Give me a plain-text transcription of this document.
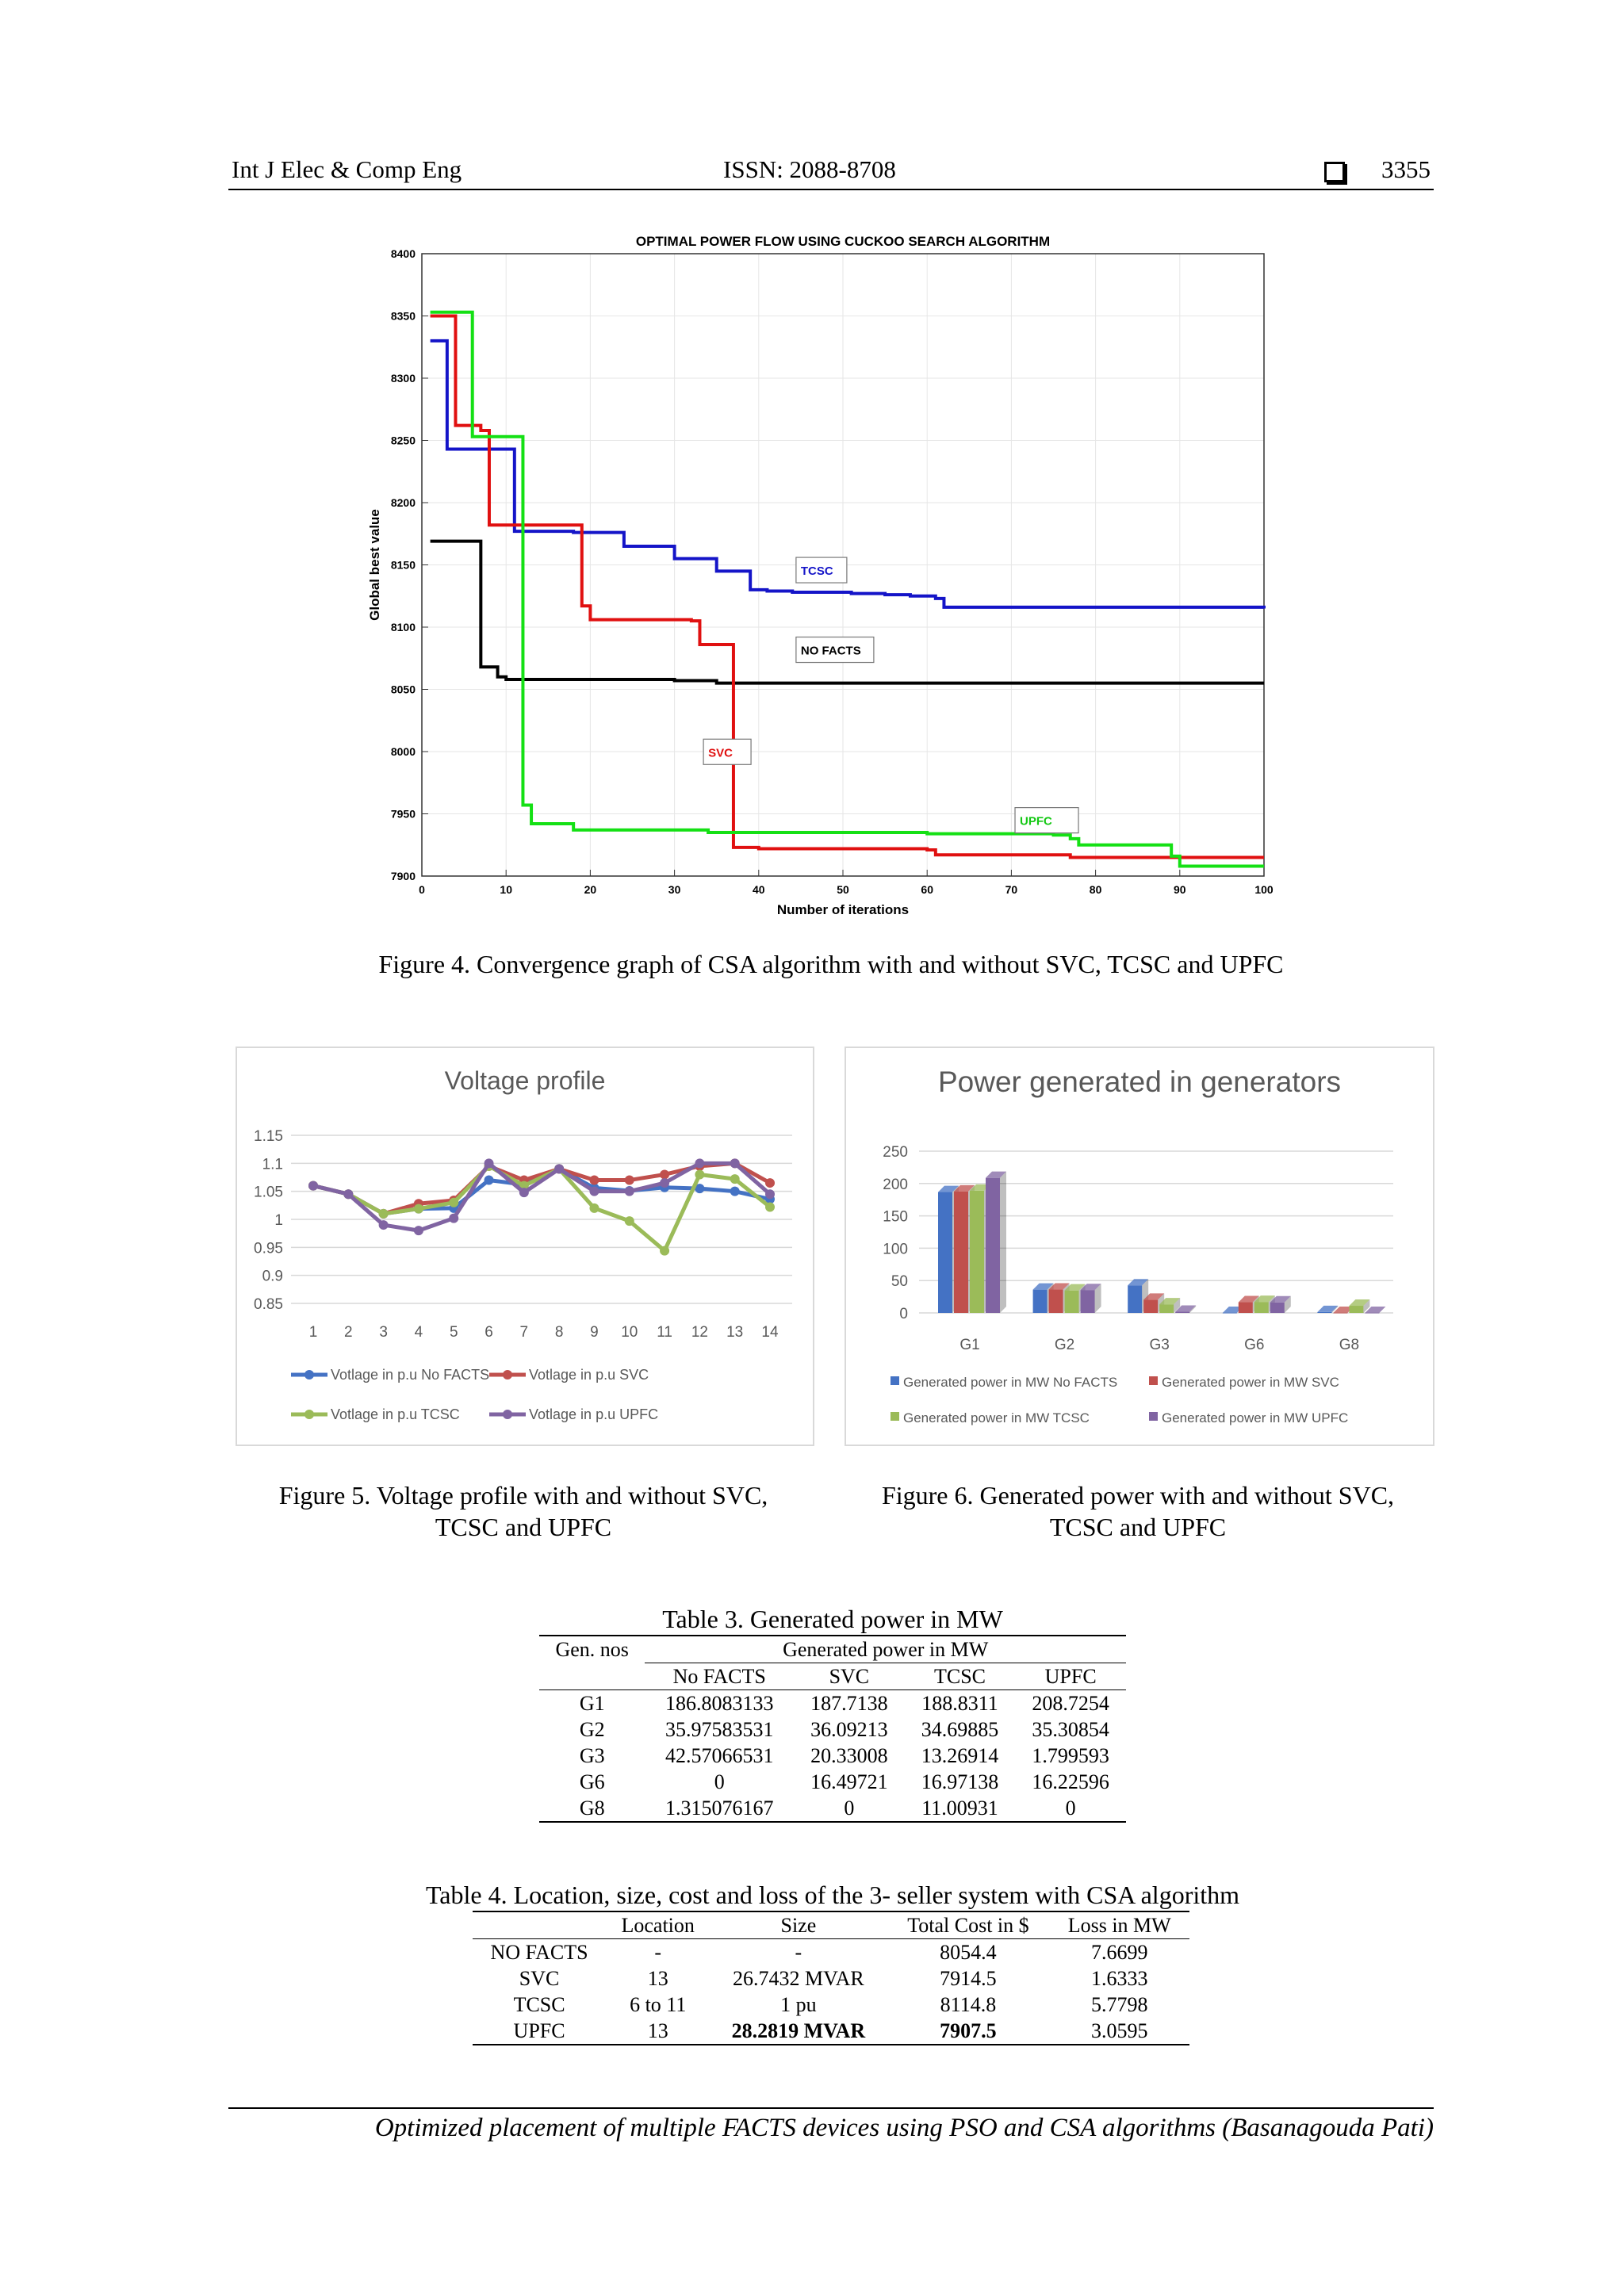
Int J Elec & Comp Eng	ISSN: 2088-8708	3355
OPTIMAL POWER FLOW USING CUCKOO SEARCH ALGORITHM
0	10	20	30	40	50	60	70	80	90	100
7900
7950
8000
8050
8100
8150
8200
8250
8300
8350
8400
Number of iterations
Global best value	TCSC
NO FACTS
SVC
UPFC
Figure 4. Convergence graph of CSA algorithm with and without SVC, TCSC and UPFC
Voltage profile
1.15
1.1
1.05
1
0.95
0.9
0.85
1 2 3 4 5 6 7 8 9 10 11 12 13 14
Votlage in p.u No FACTS	Votlage in p.u SVC
Votlage in p.u TCSC	Votlage in p.u UPFC
Figure 5. Voltage profile with and without SVC, TCSC and UPFC
Power generated in generators
250
200
150
100
50
0
G1	G2	G3	G6	G8
Generated power in MW No FACTS	Generated power in MW SVC
Generated power in MW TCSC	Generated power in MW UPFC
Figure 6. Generated power with and without SVC, TCSC and UPFC
Table 3. Generated power in MW
Gen. nos	Generated power in MW			
	No FACTS	SVC	TCSC	UPFC
G1	186.8083133	187.7138	188.8311	208.7254
G2	35.97583531	36.09213	34.69885	35.30854
G3	42.57066531	20.33008	13.26914	1.799593
G6	0	16.49721	16.97138	16.22596
G8	1.315076167	0	11.00931	0
Table 4. Location, size, cost and loss of the 3- seller system with CSA algorithm
	Location	Size	Total Cost in $	Loss in MW
NO FACTS	-	-	8054.4	7.6699
SVC	13	26.7432 MVAR	7914.5	1.6333
TCSC	6 to 11	1 pu	8114.8	5.7798
UPFC	13	28.2819 MVAR	7907.5	3.0595
Optimized placement of multiple FACTS devices using PSO and CSA algorithms (Basanagouda Pati)
